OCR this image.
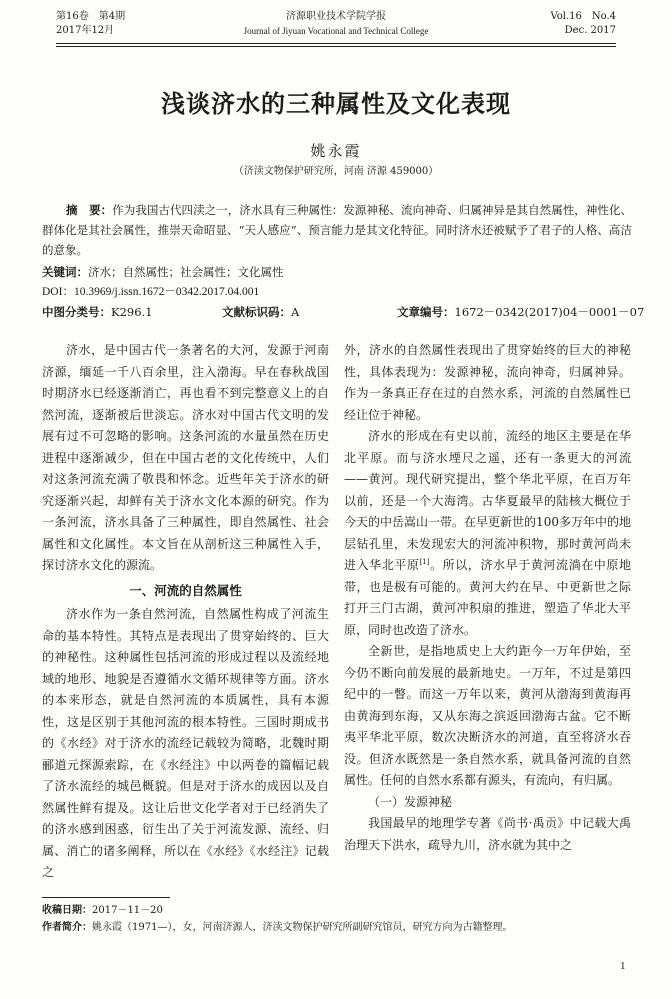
第16卷　第4期
2017年12月
济源职业技术学院学报
Journal of Jiyuan Vocational and Technical College
Vol.16　No.4
Dec. 2017
浅谈济水的三种属性及文化表现
姚永霞
（济渎文物保护研究所，河南 济源 459000）
摘　要：作为我国古代四渎之一，济水具有三种属性：发源神秘、流向神奇、归属神异是其自然属性，神性化、群体化是其社会属性，推崇天命昭显、“天人感应”、预言能力是其文化特征。同时济水还被赋予了君子的人格、高洁的意象。
关键词：济水；自然属性；社会属性；文化属性
DOI：10.3969/j.issn.1672－0342.2017.04.001
中图分类号：K296.1	文献标识码：A	文章编号：1672－0342(2017)04－0001－07

济水，是中国古代一条著名的大河，发源于河南济源，缅延一千八百余里，注入渤海。早在春秋战国时期济水已经逐渐消亡，再也看不到完整意义上的自然河流，逐渐被后世淡忘。济水对中国古代文明的发展有过不可忽略的影响。这条河流的水量虽然在历史进程中逐渐减少，但在中国古老的文化传统中，人们对这条河流充满了敬畏和怀念。近些年关于济水的研究逐渐兴起，却鲜有关于济水文化本源的研究。作为一条河流，济水具备了三种属性，即自然属性、社会属性和文化属性。本文旨在从剖析这三种属性入手，探讨济水文化的源流。

一、河流的自然属性

济水作为一条自然河流，自然属性构成了河流生命的基本特性。其特点是表现出了贯穿始终的、巨大的神秘性。这种属性包括河流的形成过程以及流经地域的地形、地貌是否遵循水文循环规律等方面。济水的本来形态，就是自然河流的本质属性，具有本源性，这是区别于其他河流的根本特性。三国时期成书的《水经》对于济水的流经记载较为简略，北魏时期郦道元探源索踪，在《水经注》中以两卷的篇幅记载了济水流经的城邑概貌。但是对于济水的成因以及自然属性鲜有提及。这让后世文化学者对于已经消失了的济水感到困惑，衍生出了关于河流发源、流经、归属、消亡的诸多阐释，所以在《水经》《水经注》记载之

外，济水的自然属性表现出了贯穿始终的巨大的神秘性，具体表现为：发源神秘，流向神奇，归属神异。作为一条真正存在过的自然水系，河流的自然属性已经让位于神秘。

济水的形成在有史以前，流经的地区主要是在华北平原。而与济水堙尺之遥，还有一条更大的河流——黄河。现代研究提出，整个华北平原，在百万年以前，还是一个大海湾。古华夏最早的陆核大概位于今天的中岳嵩山一带。在早更新世的100多万年中的地层钻孔里，未发现宏大的河流冲积物，那时黄河尚未进入华北平原[1]。所以，济水早于黄河流淌在中原地带，也是极有可能的。黄河大约在早、中更新世之际打开三门古湖，黄河冲积扇的推进，塑造了华北大平原，同时也改造了济水。

全新世，是指地质史上大约距今一万年伊始，至今仍不断向前发展的最新地史。一万年，不过是第四纪中的一瞥。而这一万年以来，黄河从渤海到黄海再由黄海到东海，又从东海之滨返回渤海古盆。它不断夷平华北平原，数次决断济水的河道，直至将济水吞没。但济水既然是一条自然水系，就具备河流的自然属性。任何的自然水系都有源头，有流向，有归属。

（一）发源神秘

我国最早的地理学专著《尚书·禹贡》中记载大禹治理天下洪水，疏导九川，济水就为其中之

收稿日期：2017－11－20
作者简介：姚永霞（1971—），女，河南济源人，济渎文物保护研究所副研究馆员，研究方向为古籍整理。
1
